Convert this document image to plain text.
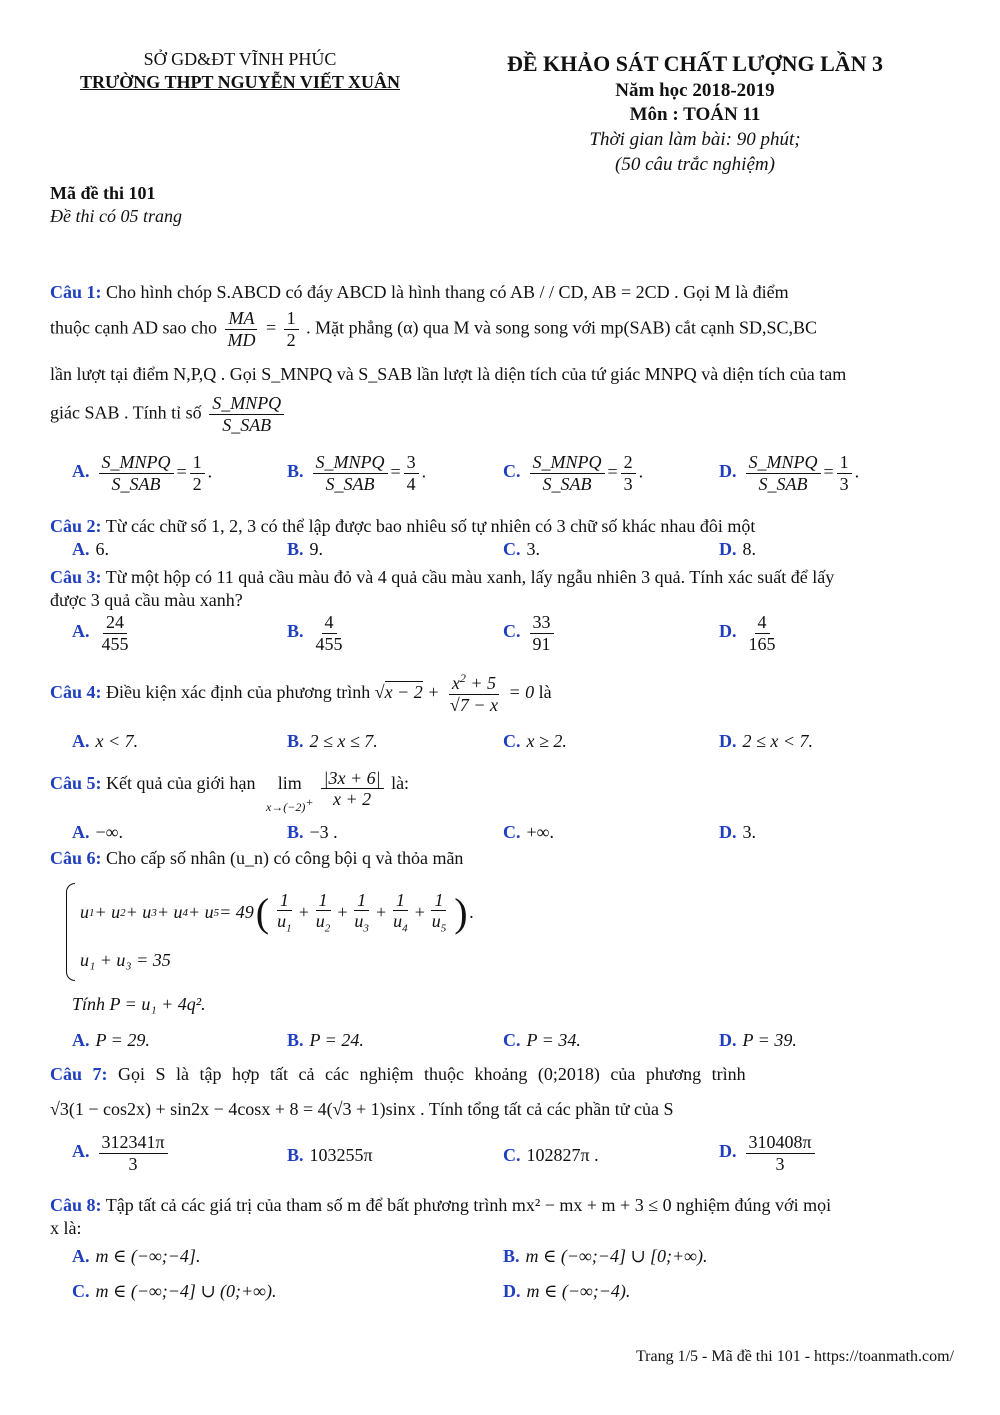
SỞ GD&ĐT VĨNH PHÚC
TRƯỜNG THPT NGUYỄN VIẾT XUÂN
ĐỀ KHẢO SÁT CHẤT LƯỢNG LẦN 3
Năm học 2018-2019
Môn : TOÁN 11
Thời gian làm bài: 90 phút;
(50 câu trắc nghiệm)
Mã đề thi 101
Đề thi có 05 trang
Câu 1: Cho hình chóp S.ABCD có đáy ABCD là hình thang có AB / / CD, AB = 2CD . Gọi M là điểm
thuộc cạnh AD sao cho $\frac{MA}{MD} = \frac{1}{2}$ . Mặt phẳng (α) qua M và song song với mp(SAB) cắt cạnh SD,SC,BC
lần lượt tại điểm N,P,Q . Gọi S_MNPQ và S_SAB lần lượt là diện tích của tứ giác MNPQ và diện tích của tam
giác SAB . Tính tỉ số $\frac{\text{S\_MNPQ}}{\text{S\_SAB}}$
A. $\frac{\text{S\_MNPQ}}{\text{S\_SAB}} = \frac{1}{2}$ .	B. $\frac{\text{S\_MNPQ}}{\text{S\_SAB}} = \frac{3}{4}$ .	C. $\frac{\text{S\_MNPQ}}{\text{S\_SAB}} = \frac{2}{3}$ .	D. $\frac{\text{S\_MNPQ}}{\text{S\_SAB}} = \frac{1}{3}$ .
Câu 2: Từ các chữ số 1, 2, 3 có thể lập được bao nhiêu số tự nhiên có 3 chữ số khác nhau đôi một
A. 6.	B. 9.	C. 3.	D. 8.
Câu 3: Từ một hộp có 11 quả cầu màu đỏ và 4 quả cầu màu xanh, lấy ngẫu nhiên 3 quả. Tính xác suất để lấy
được 3 quả cầu màu xanh?
A. $\frac{24}{455}$	B. $\frac{4}{455}$	C. $\frac{33}{91}$	D. $\frac{4}{165}$
Câu 4: Điều kiện xác định của phương trình $√x - 2 + \frac{x^2 + 5}{√7 - x} = 0$ là
A. x < 7.	B. 2 ≤ x ≤ 7.	C. x ≥ 2.	D. 2 ≤ x < 7.
Câu 5: Kết quả của giới hạn lim
$x\to(-2)^+ \frac{|3x + 6|}{x + 2}$ là:
A. −∞.	B. −3 .	C. +∞.	D. 3.
Câu 6: Cho cấp số nhân (u_n) có công bội q và thỏa mãn
u 1 + u 2 + u 3 + u 4 + u 5 = 49 ( $\frac{1}{u_1} + \frac{1}{u_2} + \frac{1}{u_3} + \frac{1}{u_4} + \frac{1}{u_5}$ ) .
u₁ + u₃ = 35
Tính P = u₁ + 4q².
A. P = 29.	B. P = 24.	C. P = 34.	D. P = 39.
Câu 7: Gọi S là tập hợp tất cả các nghiệm thuộc khoảng (0;2018) của phương trình
√3(1 − cos2x) + sin2x − 4cosx + 8 = 4(√3 + 1)sinx . Tính tổng tất cả các phần tử của S
A. $\frac{312341\pi}{3}$	B. 103255π	C. 102827π .	D. $\frac{310408\pi}{3}$
Câu 8: Tập tất cả các giá trị của tham số m để bất phương trình mx² − mx + m + 3 ≤ 0 nghiệm đúng với mọi
x là:
A. m ∈ (−∞;−4].	B. m ∈ (−∞;−4] ∪ [0;+∞).
C. m ∈ (−∞;−4] ∪ (0;+∞).	D. m ∈ (−∞;−4).
Trang 1/5 - Mã đề thi 101 - https://toanmath.com/
